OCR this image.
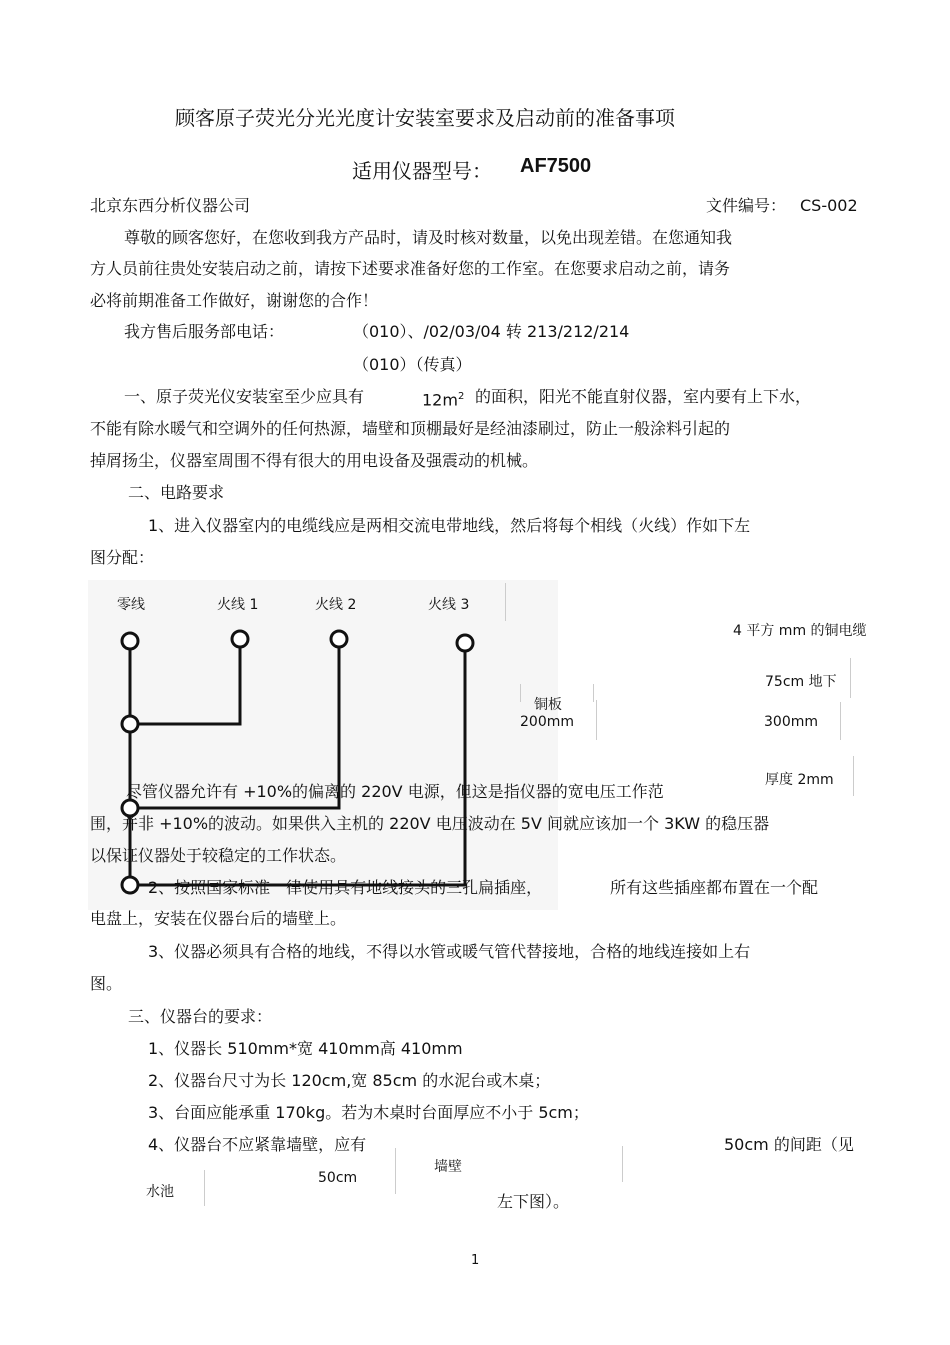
顾客原子荧光分光光度计安装室要求及启动前的准备事项
适用仪器型号： AF7500
北京东西分析仪器公司	文件编号： CS-002
尊敬的顾客您好，在您收到我方产品时，请及时核对数量，以免出现差错。在您通知我
方人员前往贵处安装启动之前，请按下述要求准备好您的工作室。在您要求启动之前，请务
必将前期准备工作做好，谢谢您的合作！
我方售后服务部电话：	（010）、/02/03/04 转 213/212/214
（010）（传真）
一、原子荧光仪安装室至少应具有	$12m^2$ 的面积，阳光不能直射仪器，室内要有上下水，
不能有除水暖气和空调外的任何热源，墙壁和顶棚最好是经油漆刷过，防止一般涂料引起的
掉屑扬尘，仪器室周围不得有很大的用电设备及强震动的机械。
二、电路要求
1、进入仪器室内的电缆线应是两相交流电带地线，然后将每个相线（火线）作如下左
图分配：
零线	火线 1	火线 2	火线 3
4 平方 mm 的铜电缆
75cm 地下
铜板
200mm	300mm
厚度 2mm
尽管仪器允许有 +10%的偏离的 220V 电源，但这是指仪器的宽电压工作范
围，并非 +10%的波动。如果供入主机的 220V 电压波动在 5V 间就应该加一个 3KW 的稳压器
以保证仪器处于较稳定的工作状态。
2、按照国家标准一律使用具有地线接头的三孔扁插座，	所有这些插座都布置在一个配
电盘上，安装在仪器台后的墙壁上。
3、仪器必须具有合格的地线，不得以水管或暖气管代替接地，合格的地线连接如上右
图。
三、仪器台的要求：
1、仪器长 510mm*宽 410mm高 410mm
2、仪器台尺寸为长 120cm,宽 85cm 的水泥台或木桌；
3、台面应能承重 170kg。若为木桌时台面厚应不小于 5cm；
4、仪器台不应紧靠墙壁，应有	50cm 的间距（见
墙壁
50cm
水池	左下图）。
1
